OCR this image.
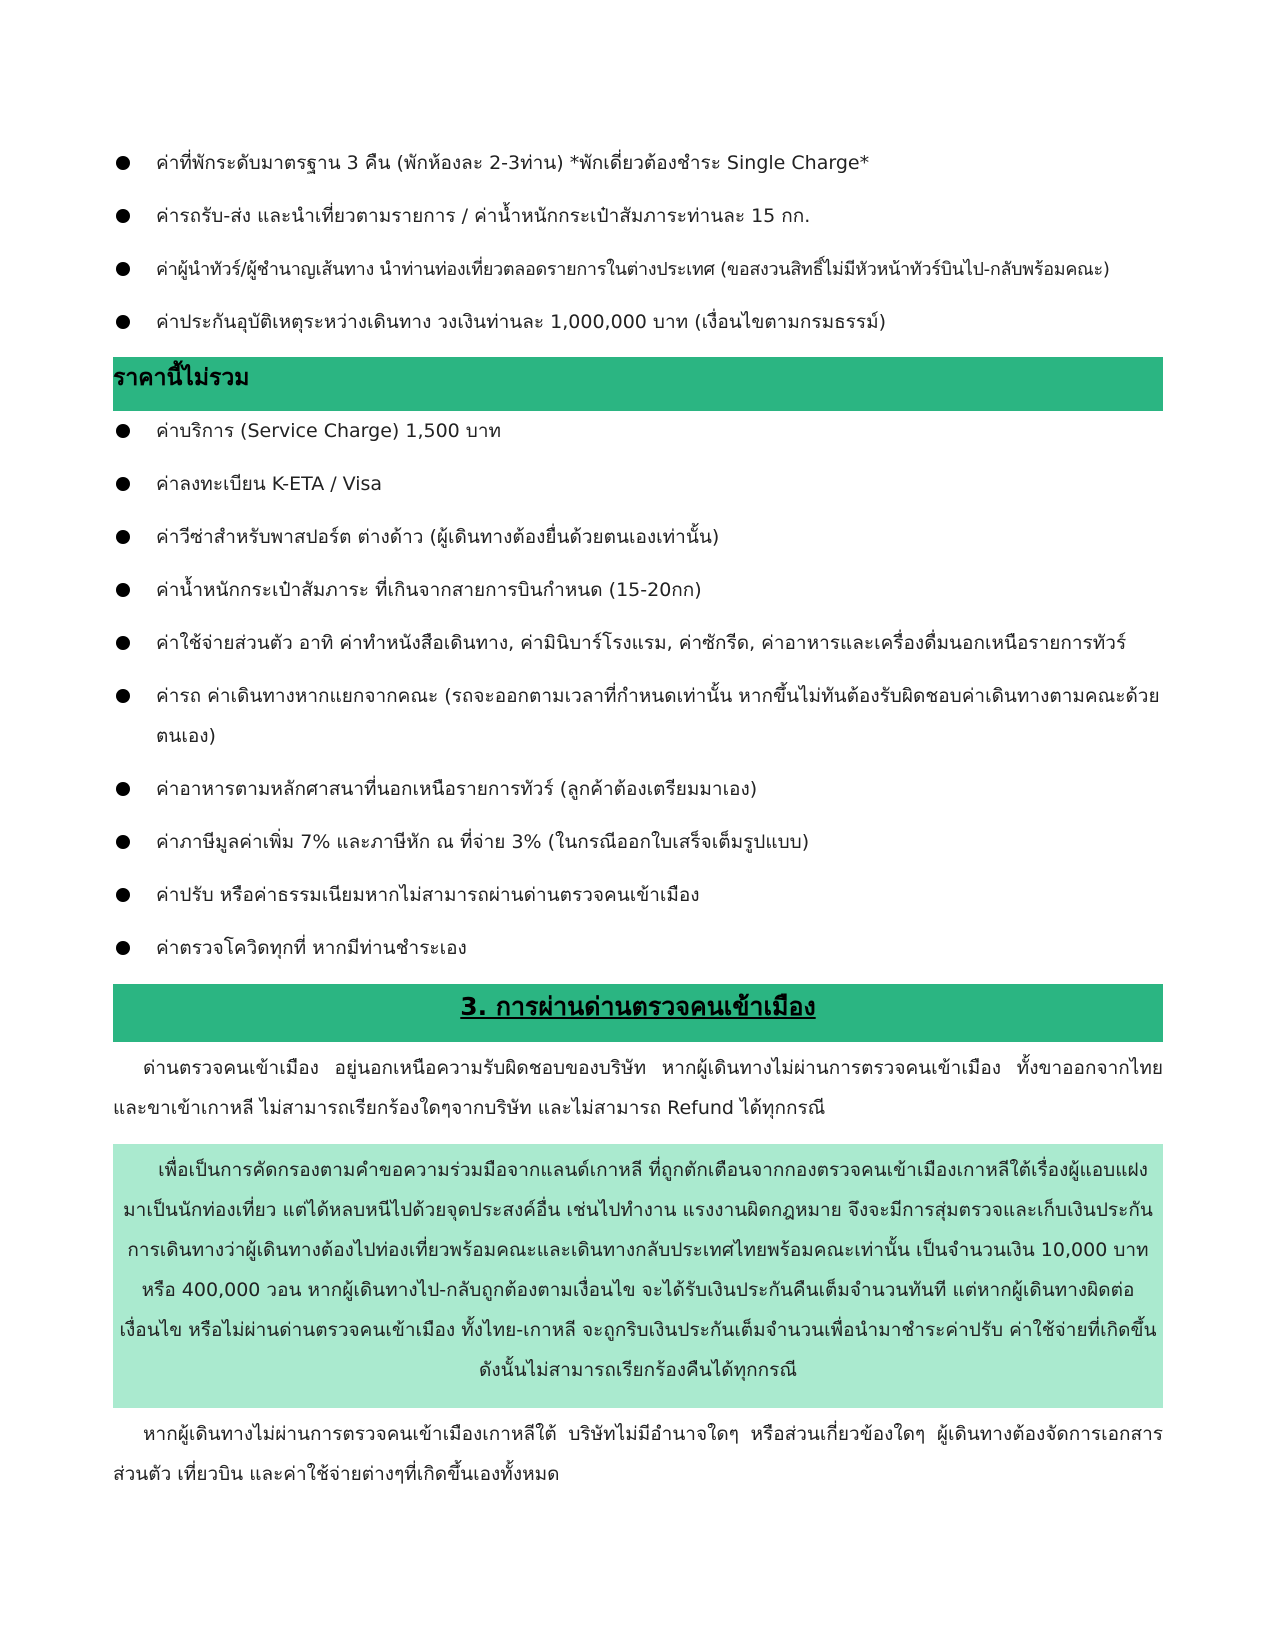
ค่าที่พักระดับมาตรฐาน 3 คืน (พักห้องละ 2-3ท่าน) *พักเดี่ยวต้องชำระ Single Charge*
ค่ารถรับ-ส่ง และนำเที่ยวตามรายการ / ค่าน้ำหนักกระเป๋าสัมภาระท่านละ 15 กก.
ค่าผู้นำทัวร์/ผู้ชำนาญเส้นทาง นำท่านท่องเที่ยวตลอดรายการในต่างประเทศ (ขอสงวนสิทธิ์ไม่มีหัวหน้าทัวร์บินไป-กลับพร้อมคณะ)
ค่าประกันอุบัติเหตุระหว่างเดินทาง วงเงินท่านละ 1,000,000 บาท (เงื่อนไขตามกรมธรรม์)
ราคานี้ไม่รวม
ค่าบริการ (Service Charge) 1,500 บาท
ค่าลงทะเบียน K-ETA / Visa
ค่าวีซ่าสำหรับพาสปอร์ต ต่างด้าว (ผู้เดินทางต้องยื่นด้วยตนเองเท่านั้น)
ค่าน้ำหนักกระเป๋าสัมภาระ ที่เกินจากสายการบินกำหนด (15-20กก)
ค่าใช้จ่ายส่วนตัว อาทิ ค่าทำหนังสือเดินทาง, ค่ามินิบาร์โรงแรม, ค่าซักรีด, ค่าอาหารและเครื่องดื่มนอกเหนือรายการทัวร์
ค่ารถ ค่าเดินทางหากแยกจากคณะ (รถจะออกตามเวลาที่กำหนดเท่านั้น หากขึ้นไม่ทันต้องรับผิดชอบค่าเดินทางตามคณะด้วยตนเอง)
ค่าอาหารตามหลักศาสนาที่นอกเหนือรายการทัวร์ (ลูกค้าต้องเตรียมมาเอง)
ค่าภาษีมูลค่าเพิ่ม 7% และภาษีหัก ณ ที่จ่าย 3% (ในกรณีออกใบเสร็จเต็มรูปแบบ)
ค่าปรับ หรือค่าธรรมเนียมหากไม่สามารถผ่านด่านตรวจคนเข้าเมือง
ค่าตรวจโควิดทุกที่ หากมีท่านชำระเอง
3. การผ่านด่านตรวจคนเข้าเมือง

ด่านตรวจคนเข้าเมือง อยู่นอกเหนือความรับผิดชอบของบริษัท หากผู้เดินทางไม่ผ่านการตรวจคนเข้าเมือง ทั้งขาออกจากไทย และขาเข้าเกาหลี ไม่สามารถเรียกร้องใดๆจากบริษัท และไม่สามารถ Refund ได้ทุกกรณี

เพื่อเป็นการคัดกรองตามคำขอความร่วมมือจากแลนด์เกาหลี ที่ถูกตักเตือนจากกองตรวจคนเข้าเมืองเกาหลีใต้เรื่องผู้แอบแฝงมาเป็นนักท่องเที่ยว แต่ได้หลบหนีไปด้วยจุดประสงค์อื่น เช่นไปทำงาน แรงงานผิดกฎหมาย จึงจะมีการสุ่มตรวจและเก็บเงินประกันการเดินทางว่าผู้เดินทางต้องไปท่องเที่ยวพร้อมคณะและเดินทางกลับประเทศไทยพร้อมคณะเท่านั้น เป็นจำนวนเงิน 10,000 บาท หรือ 400,000 วอน หากผู้เดินทางไป-กลับถูกต้องตามเงื่อนไข จะได้รับเงินประกันคืนเต็มจำนวนทันที แต่หากผู้เดินทางผิดต่อเงื่อนไข หรือไม่ผ่านด่านตรวจคนเข้าเมือง ทั้งไทย-เกาหลี จะถูกริบเงินประกันเต็มจำนวนเพื่อนำมาชำระค่าปรับ ค่าใช้จ่ายที่เกิดขึ้น ดังนั้นไม่สามารถเรียกร้องคืนได้ทุกกรณี

หากผู้เดินทางไม่ผ่านการตรวจคนเข้าเมืองเกาหลีใต้ บริษัทไม่มีอำนาจใดๆ หรือส่วนเกี่ยวข้องใดๆ ผู้เดินทางต้องจัดการเอกสารส่วนตัว เที่ยวบิน และค่าใช้จ่ายต่างๆที่เกิดขึ้นเองทั้งหมด
